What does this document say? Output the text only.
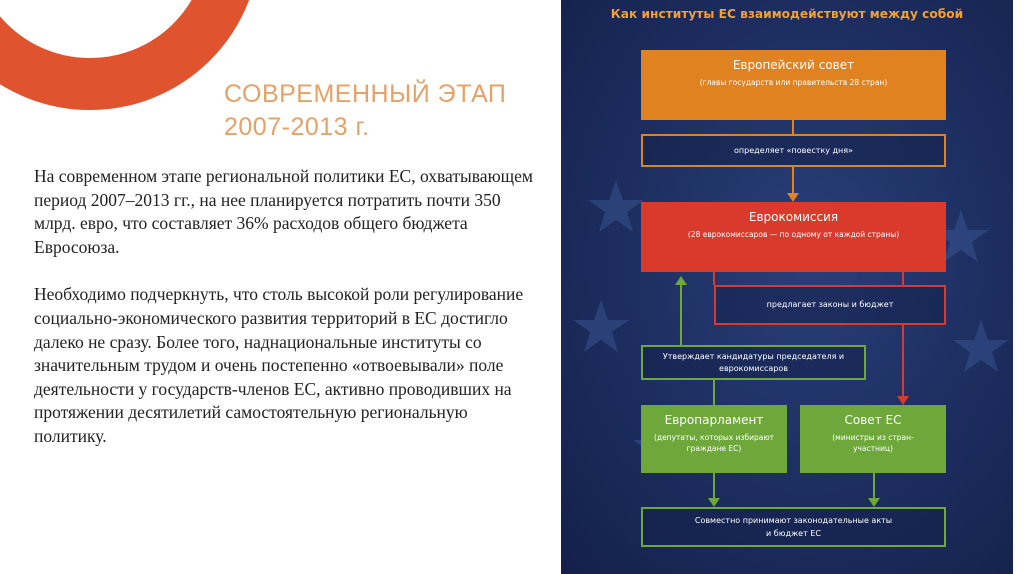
СОВРЕМЕННЫЙ ЭТАП
2007-2013 г.

На современном этапе региональной политики ЕС, охватывающем период 2007–2013 гг., на нее планируется потратить почти 350 млрд. евро, что составляет 36% расходов общего бюджета Евросоюза.

Необходимо подчеркнуть, что столь высокой роли регулирование социально-экономического развития территорий в ЕС достигло далеко не сразу. Более того, наднациональные институты со значительным трудом и очень постепенно «отвоевывали» поле деятельности у государств-членов ЕС, активно проводивших на протяжении десятилетий самостоятельную региональную политику.

Как институты ЕС взаимодействуют между собой
Европейский совет
(главы государств или правительств 28 стран)
определяет «повестку дня»
Еврокомиссия
(28 еврокомиссаров — по одному от каждой страны)
предлагает законы и бюджет
Утверждает кандидатуры председателя и еврокомиссаров
Европарламент
(депутаты, которых избирают граждане ЕС)
Совет ЕС
(министры из стран-участниц)
Совместно принимают законодательные акты и бюджет ЕС
